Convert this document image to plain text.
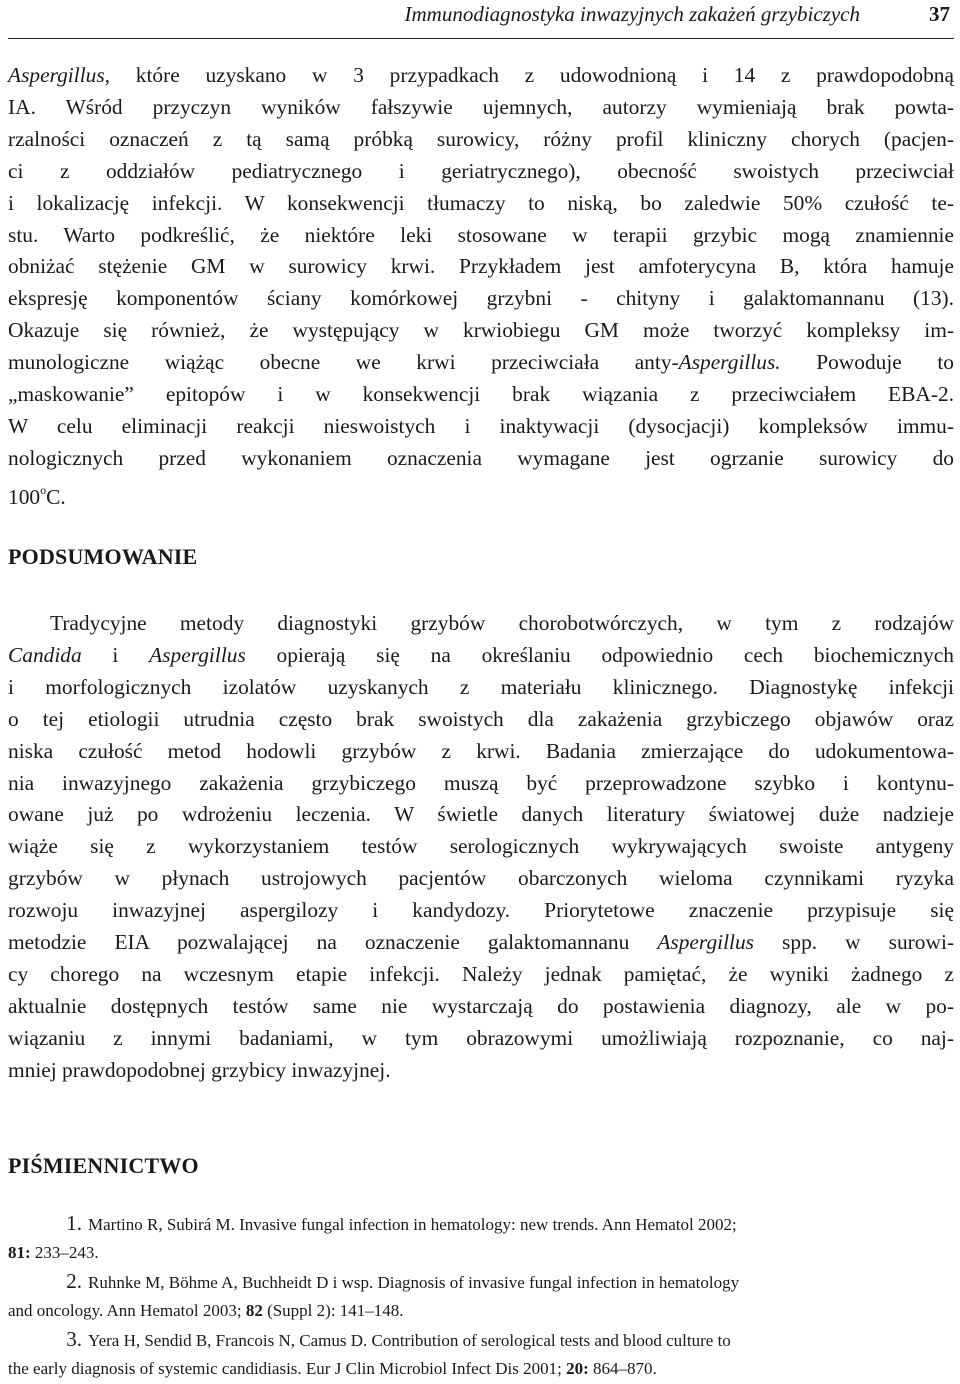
Immunodiagnostyka inwazyjnych zakażeń grzybiczych	37
Aspergillus, które uzyskano w 3 przypadkach z udowodnioną i 14 z prawdopodobną
IA. Wśród przyczyn wyników fałszywie ujemnych, autorzy wymieniają brak powta-
rzalności oznaczeń z tą samą próbką surowicy, różny profil kliniczny chorych (pacjen-
ci z oddziałów pediatrycznego i geriatrycznego), obecność swoistych przeciwciał
i lokalizację infekcji. W konsekwencji tłumaczy to niską, bo zaledwie 50% czułość te-
stu. Warto podkreślić, że niektóre leki stosowane w terapii grzybic mogą znamiennie
obniżać stężenie GM w surowicy krwi. Przykładem jest amfoterycyna B, która hamuje
ekspresję komponentów ściany komórkowej grzybni - chityny i galaktomannanu (13).
Okazuje się również, że występujący w krwiobiegu GM może tworzyć kompleksy im-
munologiczne wiążąc obecne we krwi przeciwciała anty-Aspergillus. Powoduje to
„maskowanie” epitopów i w konsekwencji brak wiązania z przeciwciałem EBA-2.
W celu eliminacji reakcji nieswoistych i inaktywacji (dysocjacji) kompleksów immu-
nologicznych przed wykonaniem oznaczenia wymagane jest ogrzanie surowicy do
100$^o$C.
PODSUMOWANIE
Tradycyjne metody diagnostyki grzybów chorobotwórczych, w tym z rodzajów
Candida i Aspergillus opierają się na określaniu odpowiednio cech biochemicznych
i morfologicznych izolatów uzyskanych z materiału klinicznego. Diagnostykę infekcji
o tej etiologii utrudnia często brak swoistych dla zakażenia grzybiczego objawów oraz
niska czułość metod hodowli grzybów z krwi. Badania zmierzające do udokumentowa-
nia inwazyjnego zakażenia grzybiczego muszą być przeprowadzone szybko i kontynu-
owane już po wdrożeniu leczenia. W świetle danych literatury światowej duże nadzieje
wiąże się z wykorzystaniem testów serologicznych wykrywających swoiste antygeny
grzybów w płynach ustrojowych pacjentów obarczonych wieloma czynnikami ryzyka
rozwoju inwazyjnej aspergilozy i kandydozy. Priorytetowe znaczenie przypisuje się
metodzie EIA pozwalającej na oznaczenie galaktomannanu Aspergillus spp. w surowi-
cy chorego na wczesnym etapie infekcji. Należy jednak pamiętać, że wyniki żadnego z
aktualnie dostępnych testów same nie wystarczają do postawienia diagnozy, ale w po-
wiązaniu z innymi badaniami, w tym obrazowymi umożliwiają rozpoznanie, co naj-
mniej prawdopodobnej grzybicy inwazyjnej.
PIŚMIENNICTWO
1. Martino R, Subirá M. Invasive fungal infection in hematology: new trends. Ann Hematol 2002;
81: 233–243.
2. Ruhnke M, Böhme A, Buchheidt D i wsp. Diagnosis of invasive fungal infection in hematology
and oncology. Ann Hematol 2003; 82 (Suppl 2): 141–148.
3. Yera H, Sendid B, Francois N, Camus D. Contribution of serological tests and blood culture to
the early diagnosis of systemic candidiasis. Eur J Clin Microbiol Infect Dis 2001; 20: 864–870.
